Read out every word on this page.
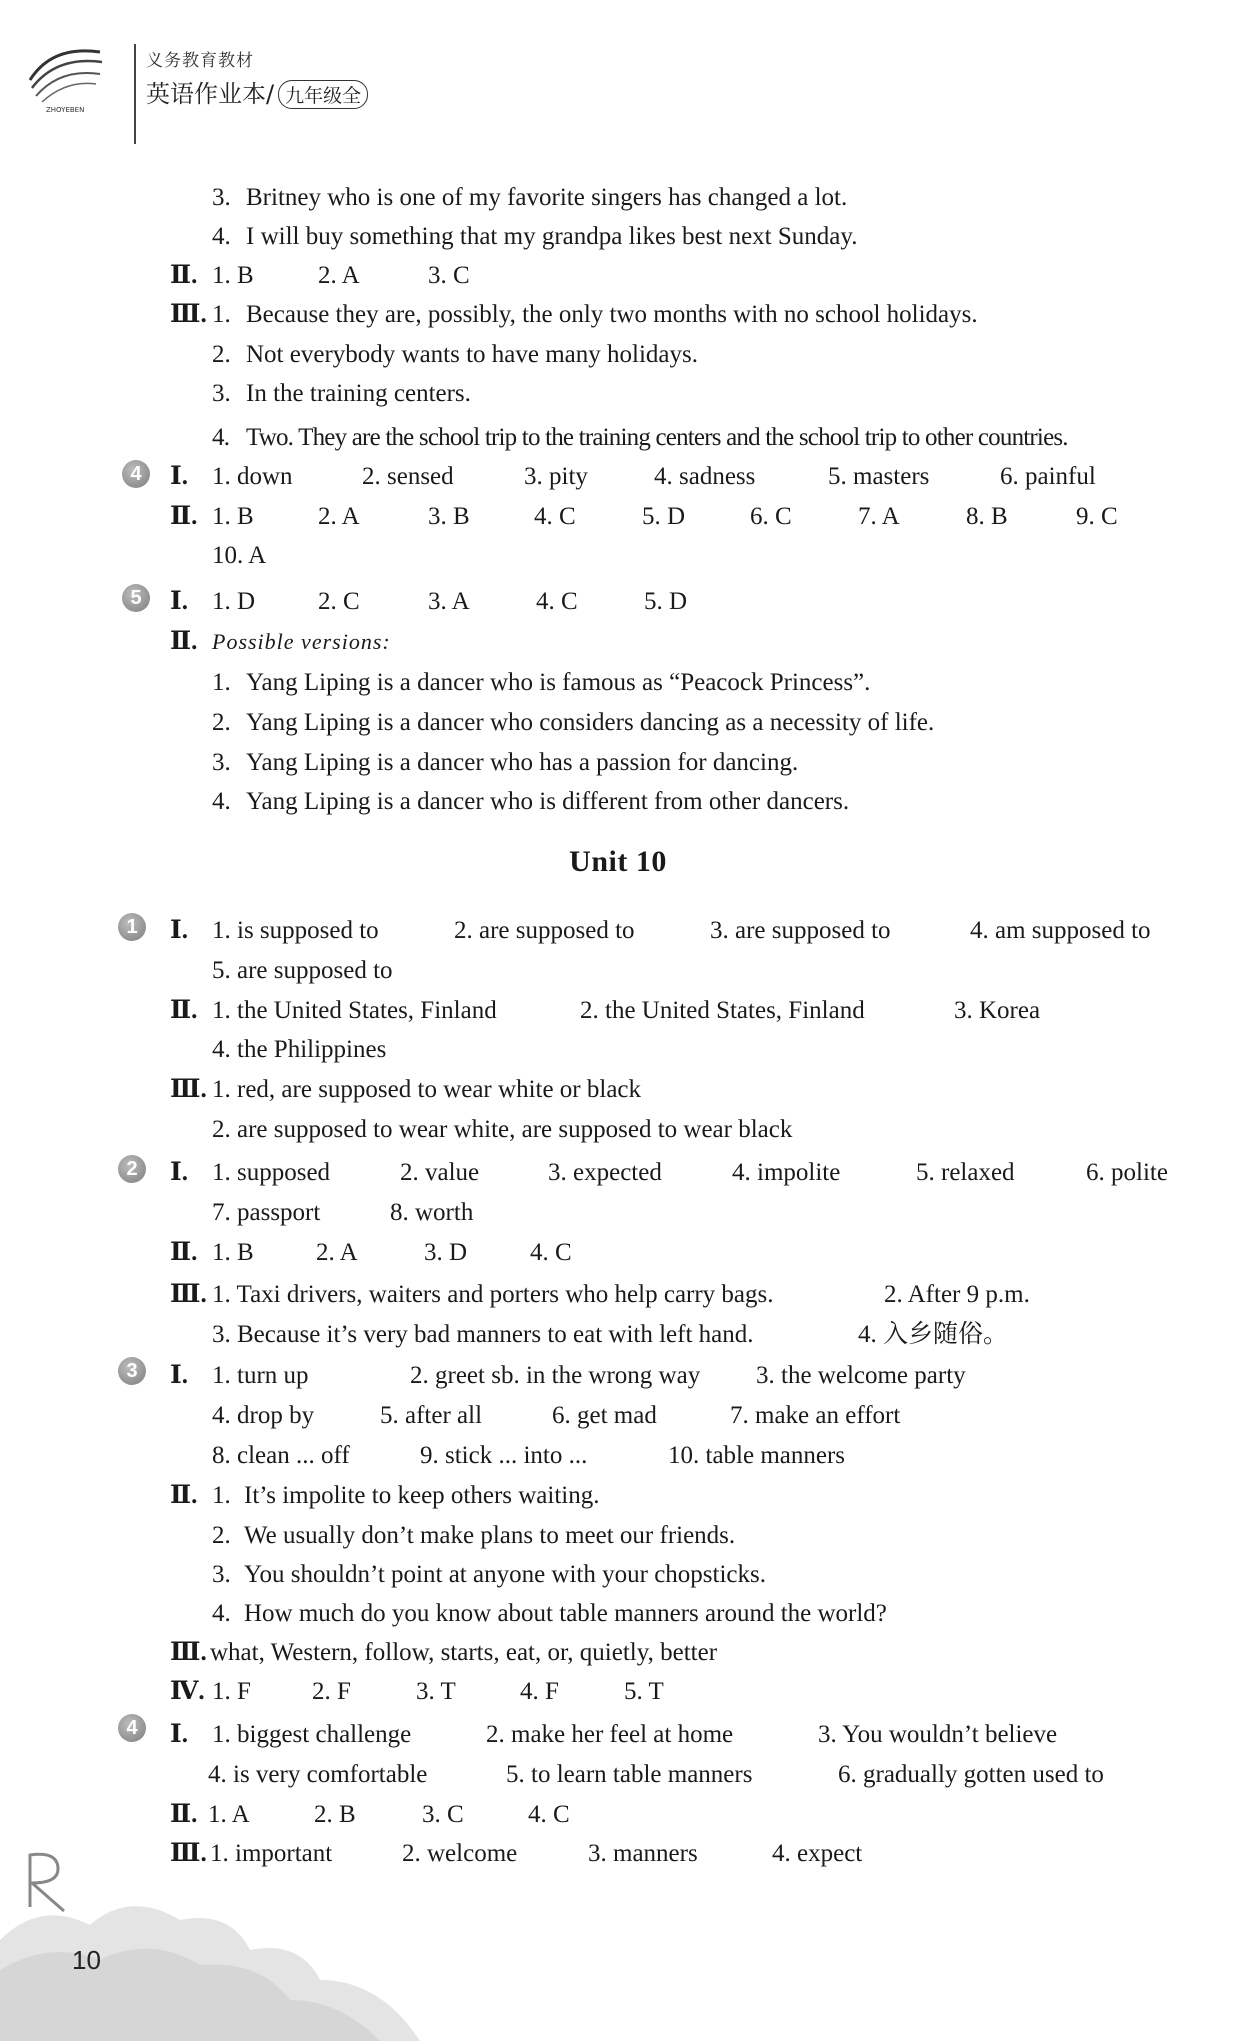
ZHOYEBEN
义务教育教材
英语作业本/ 九年级全
3. Britney who is one of my favorite singers has changed a lot.
4. I will buy something that my grandpa likes best next Sunday.
Ⅱ. 1. B	2. A	3. C
Ⅲ. 1. Because they are, possibly, the only two months with no school holidays.
2. Not everybody wants to have many holidays.
3. In the training centers.
4. Two. They are the school trip to the training centers and the school trip to other countries.
4	Ⅰ. 1. down	2. sensed	3. pity	4. sadness	5. masters	6. painful
Ⅱ. 1. B	2. A	3. B	4. C	5. D	6. C	7. A	8. B	9. C
10. A
5	Ⅰ. 1. D	2. C	3. A	4. C	5. D
Ⅱ. Possible versions:
1. Yang Liping is a dancer who is famous as “Peacock Princess”.
2. Yang Liping is a dancer who considers dancing as a necessity of life.
3. Yang Liping is a dancer who has a passion for dancing.
4. Yang Liping is a dancer who is different from other dancers.
Unit 10
1	Ⅰ. 1. is supposed to	2. are supposed to	3. are supposed to	4. am supposed to
5. are supposed to
Ⅱ. 1. the United States, Finland	2. the United States, Finland	3. Korea
4. the Philippines
Ⅲ. 1. red, are supposed to wear white or black
2. are supposed to wear white, are supposed to wear black
2	Ⅰ. 1. supposed	2. value	3. expected	4. impolite	5. relaxed	6. polite
7. passport	8. worth
Ⅱ. 1. B 2. A	3. D	4. C
Ⅲ. 1. Taxi drivers, waiters and porters who help carry bags.	2. After 9 p.m.
3. Because it’s very bad manners to eat with left hand.	4. 入乡随俗。
3	Ⅰ. 1. turn up	2. greet sb. in the wrong way 3. the welcome party
4. drop by	5. after all	6. get mad	7. make an effort
8. clean ... off	9. stick ... into ...	10. table manners
Ⅱ. 1. It’s impolite to keep others waiting.
2. We usually don’t make plans to meet our friends.
3. You shouldn’t point at anyone with your chopsticks.
4. How much do you know about table manners around the world?
Ⅲ. what, Western, follow, starts, eat, or, quietly, better
Ⅳ. 1. F 2. F	3. T	4. F	5. T
4	Ⅰ. 1. biggest challenge	2. make her feel at home	3. You wouldn’t believe
4. is very comfortable	5. to learn table manners	6. gradually gotten used to
Ⅱ. 1. A	2. B	3. C	4. C
Ⅲ. 1. important	2. welcome	3. manners	4. expect
10
